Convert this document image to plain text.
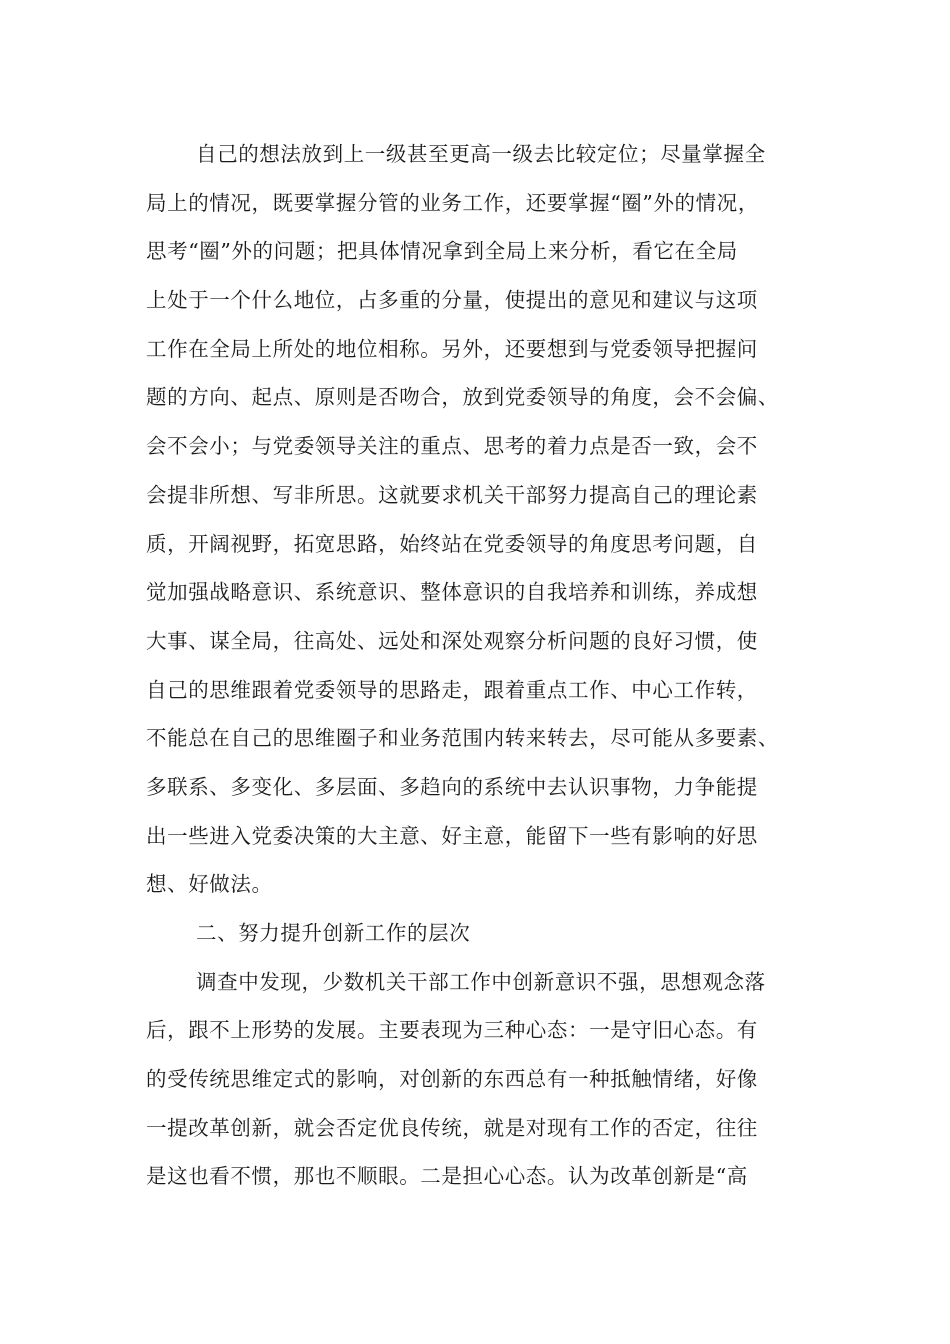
自己的想法放到上一级甚至更高一级去比较定位；尽量掌握全
局上的情况，既要掌握分管的业务工作，还要掌握“圈”外的情况，
思考“圈”外的问题；把具体情况拿到全局上来分析，看它在全局
上处于一个什么地位，占多重的分量，使提出的意见和建议与这项
工作在全局上所处的地位相称。另外，还要想到与党委领导把握问
题的方向、起点、原则是否吻合，放到党委领导的角度，会不会偏、
会不会小；与党委领导关注的重点、思考的着力点是否一致，会不
会提非所想、写非所思。这就要求机关干部努力提高自己的理论素
质，开阔视野，拓宽思路，始终站在党委领导的角度思考问题，自
觉加强战略意识、系统意识、整体意识的自我培养和训练，养成想
大事、谋全局，往高处、远处和深处观察分析问题的良好习惯，使
自己的思维跟着党委领导的思路走，跟着重点工作、中心工作转，
不能总在自己的思维圈子和业务范围内转来转去，尽可能从多要素、
多联系、多变化、多层面、多趋向的系统中去认识事物，力争能提
出一些进入党委决策的大主意、好主意，能留下一些有影响的好思
想、好做法。
二、努力提升创新工作的层次
调查中发现，少数机关干部工作中创新意识不强，思想观念落
后，跟不上形势的发展。主要表现为三种心态：一是守旧心态。有
的受传统思维定式的影响，对创新的东西总有一种抵触情绪，好像
一提改革创新，就会否定优良传统，就是对现有工作的否定，往往
是这也看不惯，那也不顺眼。二是担心心态。认为改革创新是“高
